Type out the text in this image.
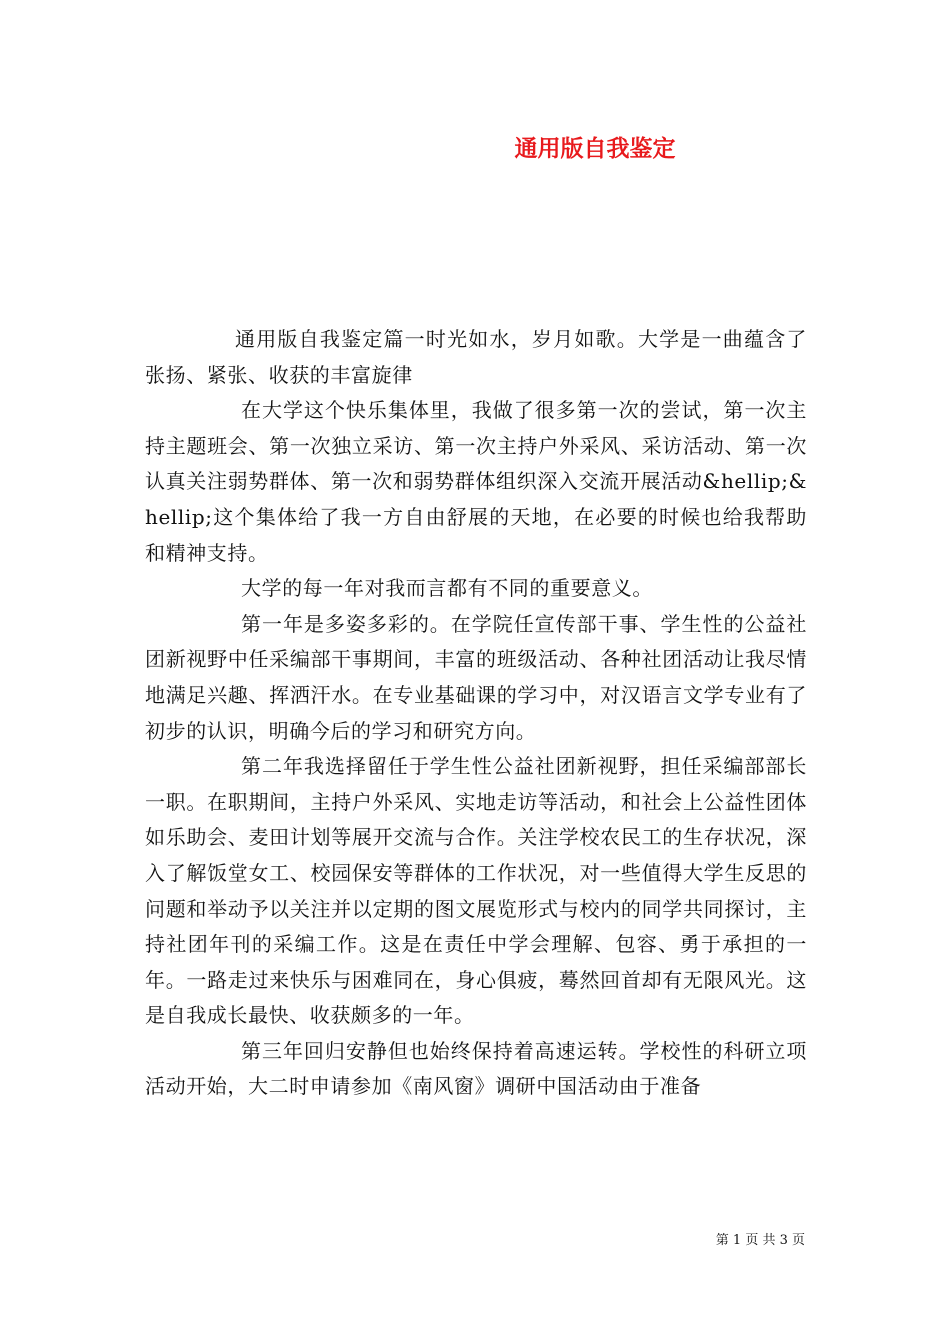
通用版自我鉴定

通用版自我鉴定篇一时光如水，岁月如歌。大学是一曲蕴含了张扬、紧张、收获的丰富旋律

在大学这个快乐集体里，我做了很多第一次的尝试，第一次主持主题班会、第一次独立采访、第一次主持户外采风、采访活动、第一次认真关注弱势群体、第一次和弱势群体组织深入交流开展活动&hellip;&hellip;这个集体给了我一方自由舒展的天地，在必要的时候也给我帮助和精神支持。

大学的每一年对我而言都有不同的重要意义。

第一年是多姿多彩的。在学院任宣传部干事、学生性的公益社团新视野中任采编部干事期间，丰富的班级活动、各种社团活动让我尽情地满足兴趣、挥洒汗水。在专业基础课的学习中，对汉语言文学专业有了初步的认识，明确今后的学习和研究方向。

第二年我选择留任于学生性公益社团新视野，担任采编部部长一职。在职期间，主持户外采风、实地走访等活动，和社会上公益性团体如乐助会、麦田计划等展开交流与合作。关注学校农民工的生存状况，深入了解饭堂女工、校园保安等群体的工作状况，对一些值得大学生反思的问题和举动予以关注并以定期的图文展览形式与校内的同学共同探讨，主持社团年刊的采编工作。这是在责任中学会理解、包容、勇于承担的一年。一路走过来快乐与困难同在，身心俱疲，蓦然回首却有无限风光。这是自我成长最快、收获颇多的一年。

第三年回归安静但也始终保持着高速运转。学校性的科研立项活动开始，大二时申请参加《南风窗》调研中国活动由于准备

第 1 页 共 3 页
